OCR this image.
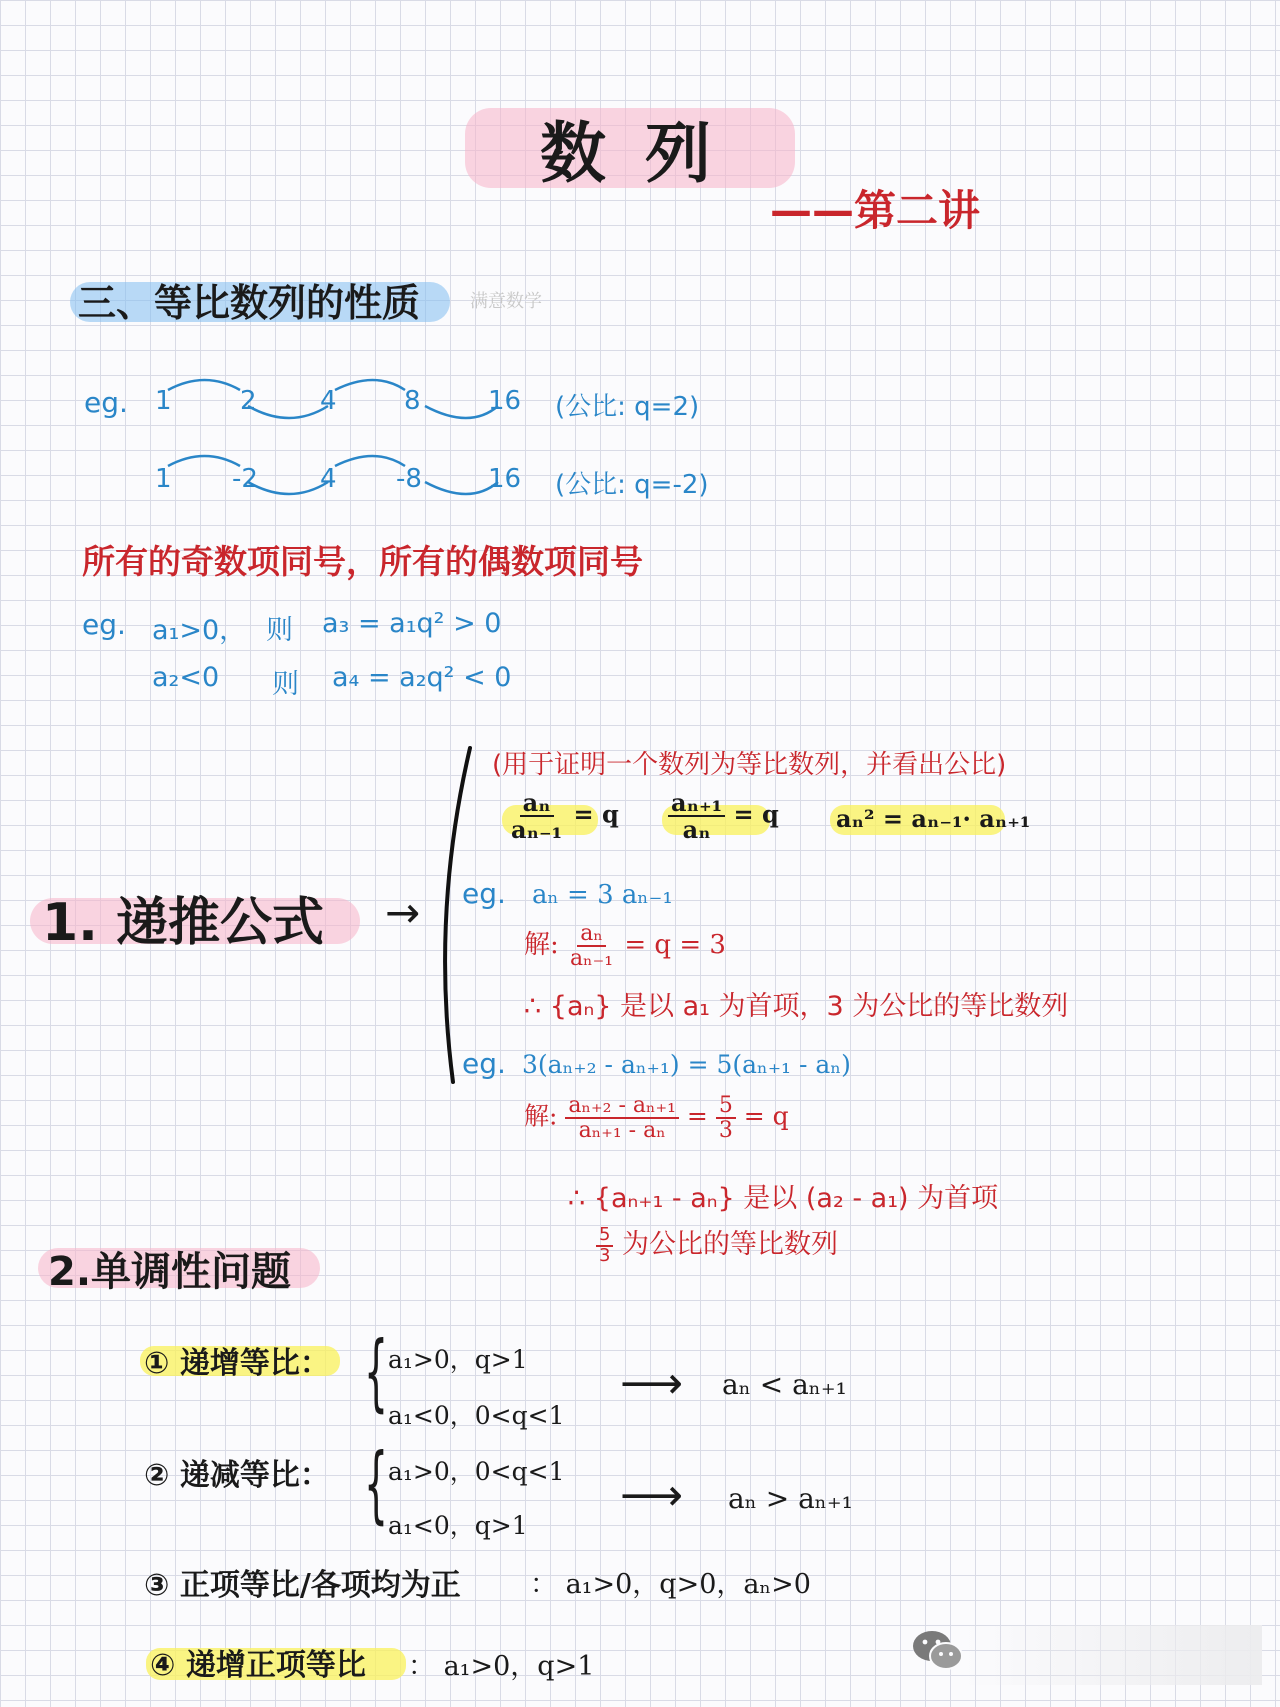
数 列
——第二讲
三、等比数列的性质	满意数学
eg. 1	2 4	8	16 (公比: q=2)
1 -2 4 -8	16 (公比: q=-2)
所有的奇数项同号，所有的偶数项同号
eg. a₁>0， 则 a₃ = a₁q² > 0
a₂<0 则 a₄ = a₂q² < 0
1. 递推公式 →
(用于证明一个数列为等比数列，并看出公比)
$\frac{\text{aₙ}}{\text{aₙ₋₁}} = q \frac{\text{aₙ₊₁}}{\text{aₙ}} = q$ aₙ² = aₙ₋₁· aₙ₊₁
eg. aₙ = 3 aₙ₋₁
解: $\frac{\text{aₙ}}{\text{aₙ₋₁}} = q = 3$
∴ {aₙ} 是以 a₁ 为首项，3 为公比的等比数列
eg. 3(aₙ₊₂ - aₙ₊₁) = 5(aₙ₊₁ - aₙ)
解: $\frac{\text{aₙ₊₂ - aₙ₊₁}}{\text{aₙ₊₁ - aₙ}} = \frac{5}{3} = q$
∴ {aₙ₊₁ - aₙ} 是以 (a₂ - a₁) 为首项
$\frac{5}{3}$ 为公比的等比数列
2.单调性问题
① 递增等比： { a₁>0，q>1
a₁<0，0<q<1
⟶ aₙ < aₙ₊₁
② 递减等比： { a₁>0，0<q<1
a₁<0，q>1
⟶ aₙ > aₙ₊₁
③ 正项等比/各项均为正	： a₁>0，q>0，aₙ>0
④ 递增正项等比 ： a₁>0，q>1
